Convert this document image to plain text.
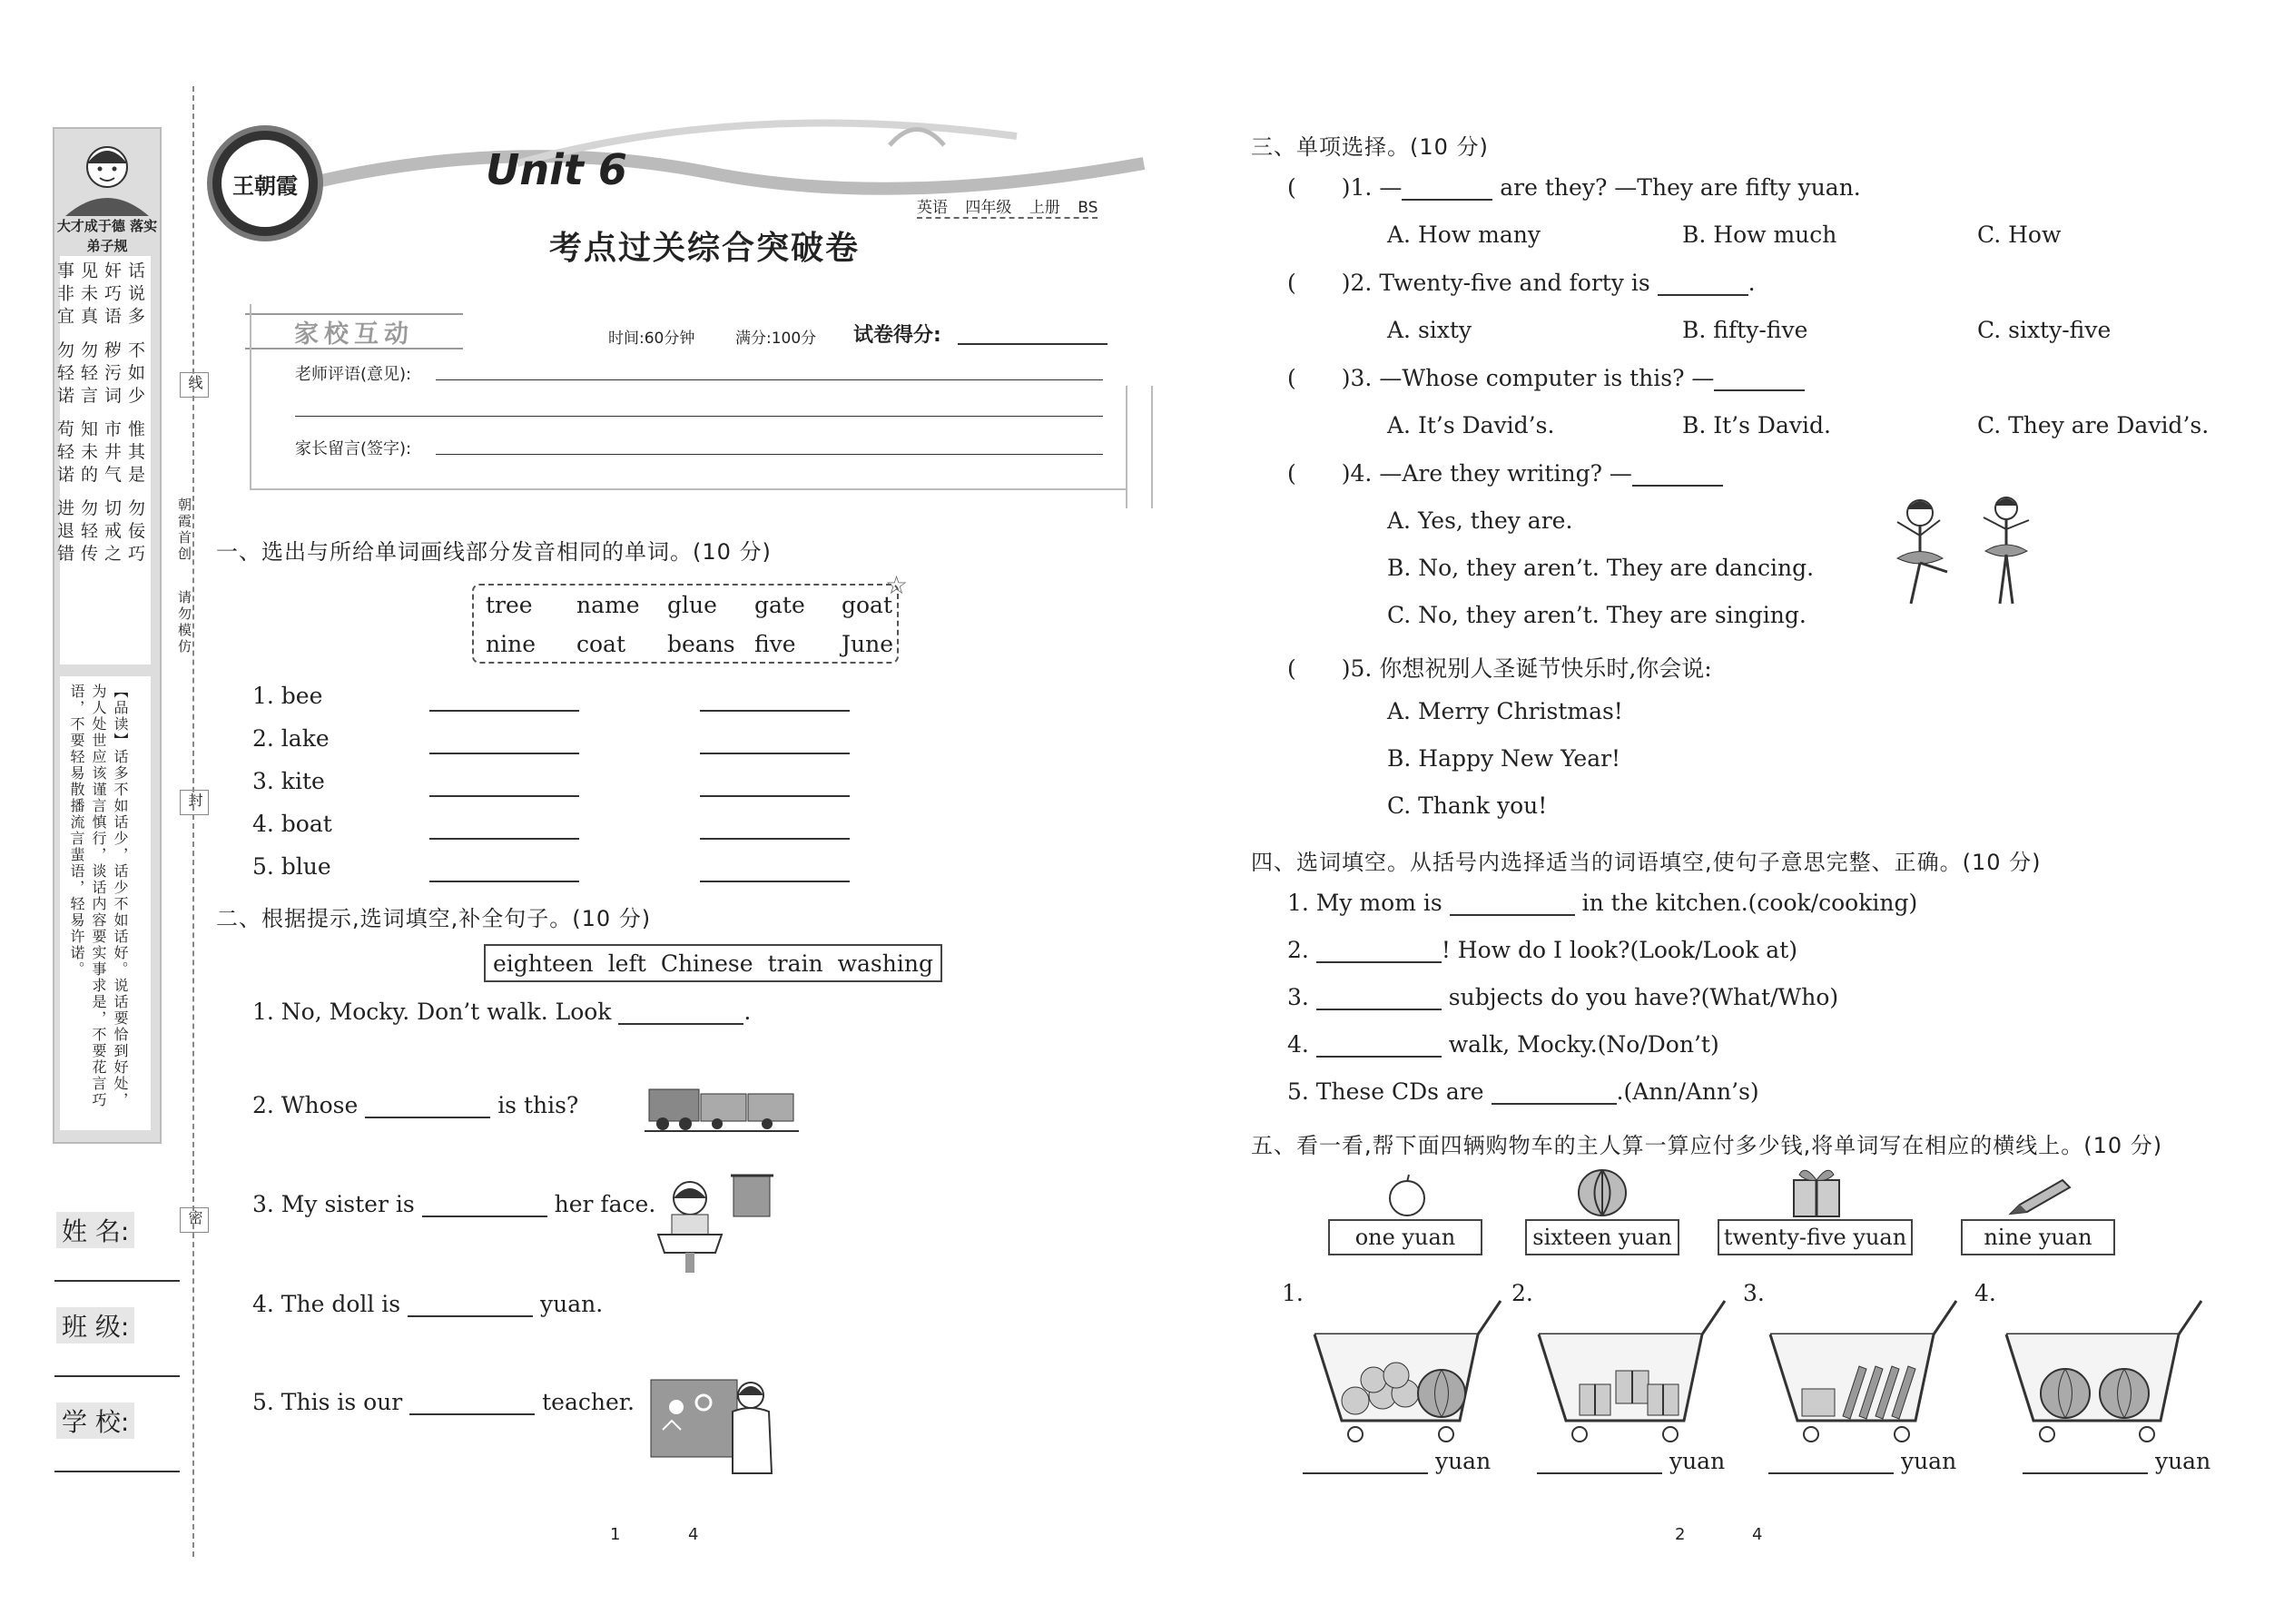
大才成于德 落实弟子规
话说多 不如少 惟其是 勿佞巧
奸巧语 秽污词 市井气 切戒之
见未真 勿轻言 知未的 勿轻传
事非宜 勿轻诺 苟轻诺 进退错
【品读】话多不如话少，话少不如话好。说话要恰到好处，为人处世应该谨言慎行，谈话内容要实事求是，不要花言巧语，不要轻易散播流言蜚语，轻易许诺。
线
封
密
朝霞首创
请勿模仿
姓 名:
班 级:
学 校:
王朝霞	Unit 6
考点过关综合突破卷
英语 四年级 上册 BS
家校互动	时间:60分钟	满分:100分 试卷得分:
老师评语(意见):
家长留言(签字):
一、选出与所给单词画线部分发音相同的单词。(10 分)
☆
tree	name	glue	gate	goat
nine	coat	beans five	June
1. bee
2. lake
3. kite
4. boat
5. blue
二、根据提示,选词填空,补全句子。(10 分)
eighteen left Chinese train washing
1. No, Mocky. Don’t walk. Look	.
2. Whose	is this?
3. My sister is	her face.
4. The doll is	yuan.
5. This is our	teacher.
1	4
三、单项选择。(10 分)
( )1. —	are they? —They are fifty yuan.
A. How many	B. How much	C. How
( )2. Twenty-five and forty is	.
A. sixty	B. fifty-five	C. sixty-five
( )3. —Whose computer is this? —
A. It’s David’s.	B. It’s David.	C. They are David’s.
( )4. —Are they writing? —
A. Yes, they are.
B. No, they aren’t. They are dancing.
C. No, they aren’t. They are singing.
( )5. 你想祝别人圣诞节快乐时,你会说:
A. Merry Christmas!
B. Happy New Year!
C. Thank you!
四、选词填空。从括号内选择适当的词语填空,使句子意思完整、正确。(10 分)
1. My mom is	in the kitchen.(cook/cooking)
2.	! How do I look?(Look/Look at)
3.	subjects do you have?(What/Who)
4.	walk, Mocky.(No/Don’t)
5. These CDs are	.(Ann/Ann’s)
五、看一看,帮下面四辆购物车的主人算一算应付多少钱,将单词写在相应的横线上。(10 分)
one yuan	sixteen yuan	twenty-five yuan	nine yuan
1.
yuan
2.
yuan
3.
yuan
4.
yuan
2	4
